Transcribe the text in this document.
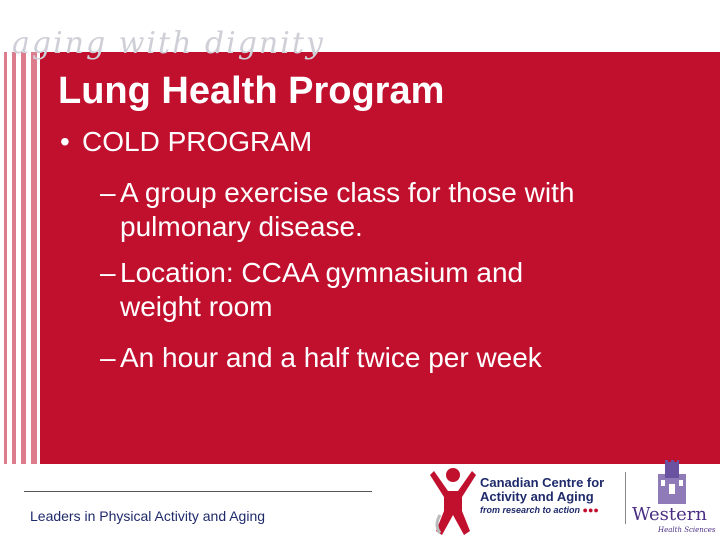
aging with dignity
Lung Health Program
• COLD PROGRAM
– A group exercise class for those with
pulmonary disease.
– Location: CCAA gymnasium and
weight room
– An hour and a half twice per week
Leaders in Physical Activity and Aging
Canadian Centre for
Activity and Aging
from research to action ●●● Western
Health Sciences
